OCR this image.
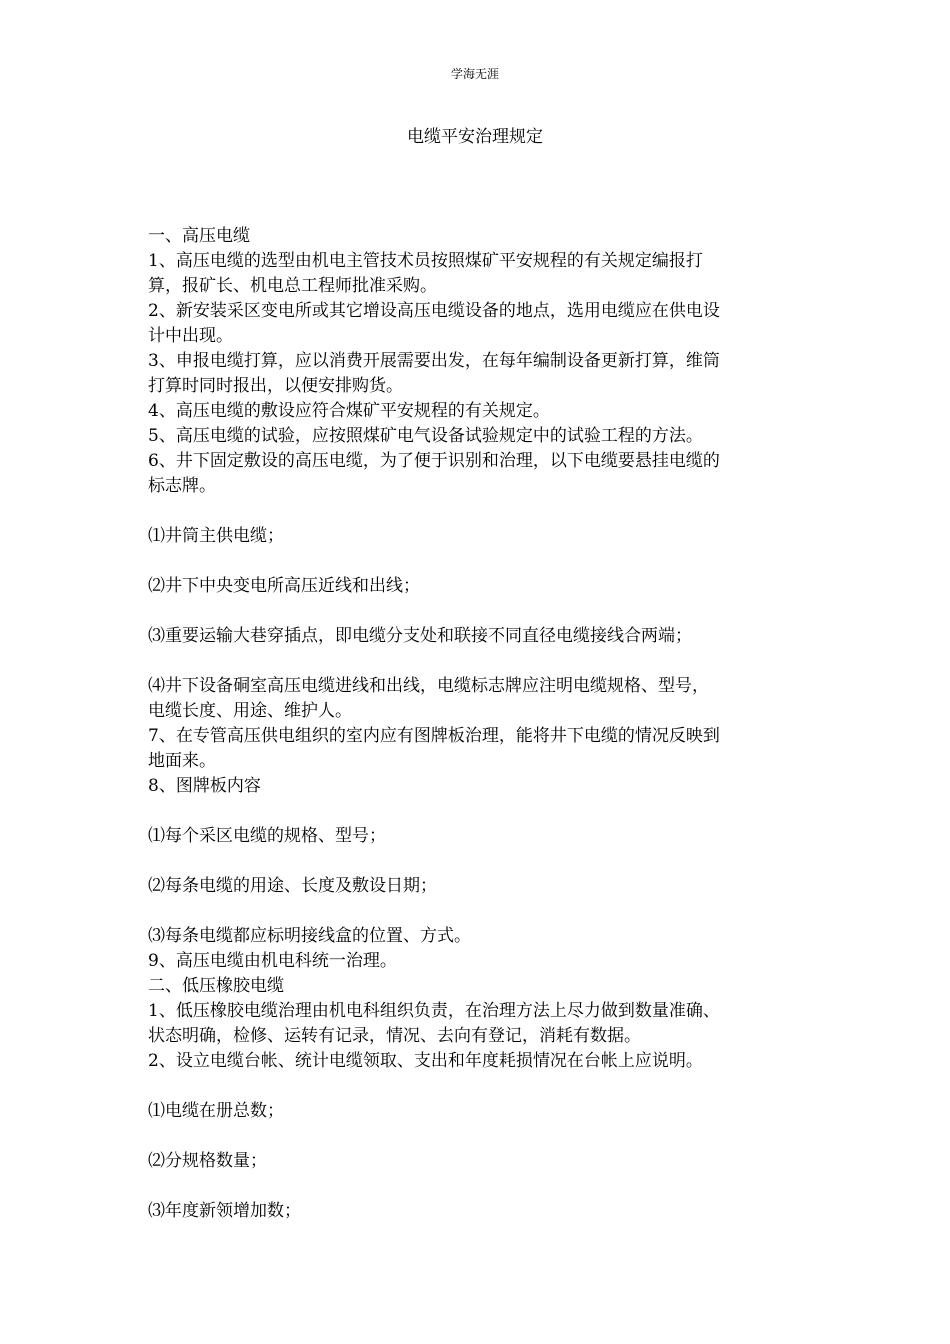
学海无涯
电缆平安治理规定

一、高压电缆

1、高压电缆的选型由机电主管技术员按照煤矿平安规程的有关规定编报打

算，报矿长、机电总工程师批准采购。

2、新安装采区变电所或其它增设高压电缆设备的地点，选用电缆应在供电设

计中出现。

3、申报电缆打算，应以消费开展需要出发，在每年编制设备更新打算，维筒

打算时同时报出，以便安排购货。

4、高压电缆的敷设应符合煤矿平安规程的有关规定。

5、高压电缆的试验，应按照煤矿电气设备试验规定中的试验工程的方法。

6、井下固定敷设的高压电缆，为了便于识别和治理，以下电缆要悬挂电缆的

标志牌。

⑴井筒主供电缆；

⑵井下中央变电所高压近线和出线；

⑶重要运输大巷穿插点，即电缆分支处和联接不同直径电缆接线合两端；

⑷井下设备硐室高压电缆进线和出线，电缆标志牌应注明电缆规格、型号，

电缆长度、用途、维护人。

7、在专管高压供电组织的室内应有图牌板治理，能将井下电缆的情况反映到

地面来。

8、图牌板内容

⑴每个采区电缆的规格、型号；

⑵每条电缆的用途、长度及敷设日期；

⑶每条电缆都应标明接线盒的位置、方式。

9、高压电缆由机电科统一治理。

二、低压橡胶电缆

1、低压橡胶电缆治理由机电科组织负责，在治理方法上尽力做到数量准确、

状态明确，检修、运转有记录，情况、去向有登记，消耗有数据。

2、设立电缆台帐、统计电缆领取、支出和年度耗损情况在台帐上应说明。

⑴电缆在册总数；

⑵分规格数量；

⑶年度新领增加数；
